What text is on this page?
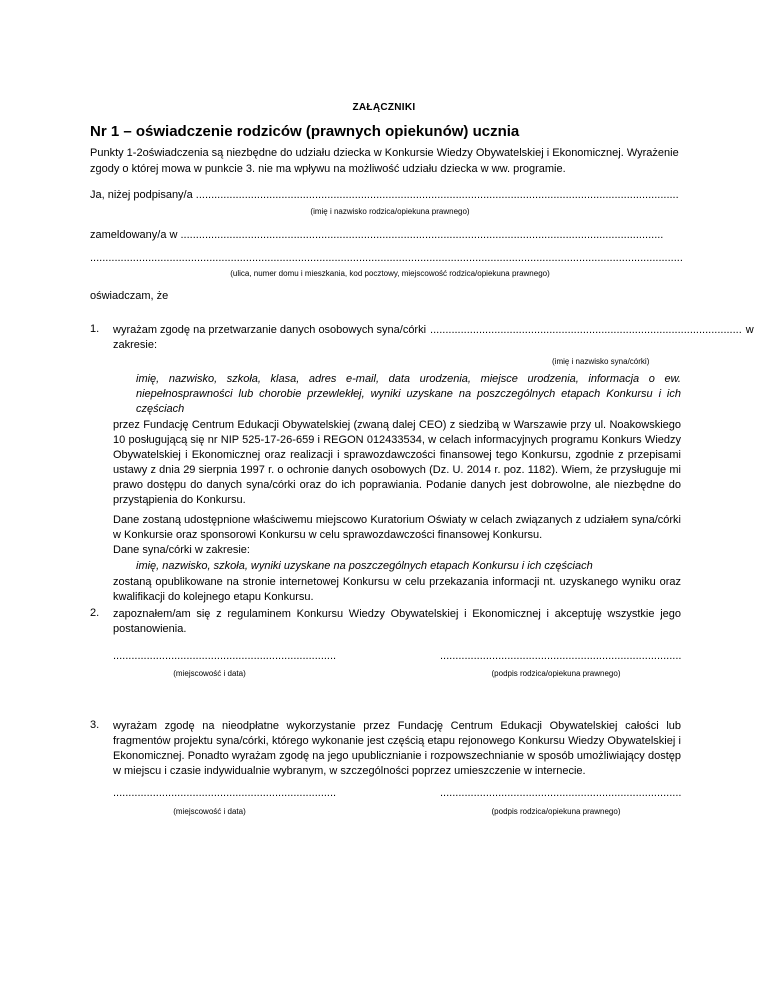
ZAŁĄCZNIKI
Nr 1 – oświadczenie rodziców (prawnych opiekunów) ucznia
Punkty 1-2oświadczenia są niezbędne do udziału dziecka w Konkursie Wiedzy Obywatelskiej i Ekonomicznej. Wyrażenie zgody o której mowa w punkcie 3. nie ma wpływu na możliwość udziału dziecka w ww. programie.
Ja, niżej podpisany/a ..............................................................................................................................................................
(imię i nazwisko rodzica/opiekuna prawnego)
zameldowany/a w ..............................................................................................................................................................
..................................................................................................................................................................................................
(ulica, numer domu i mieszkania, kod pocztowy, miejscowość rodzica/opiekuna prawnego)
oświadczam, że
1. wyrażam zgodę na przetwarzanie danych osobowych syna/córki ...................................................................................................... w
zakresie:
(imię i nazwisko syna/córki)
imię, nazwisko, szkoła, klasa, adres e-mail, data urodzenia, miejsce urodzenia, informacja o ew. niepełnosprawności lub chorobie przewlekłej, wyniki uzyskane na poszczególnych etapach Konkursu i ich częściach
przez Fundację Centrum Edukacji Obywatelskiej (zwaną dalej CEO) z siedzibą w Warszawie przy ul. Noakowskiego 10 posługującą się nr NIP 525-17-26-659 i REGON 012433534, w celach informacyjnych programu Konkurs Wiedzy Obywatelskiej i Ekonomicznej oraz realizacji i sprawozdawczości finansowej tego Konkursu, zgodnie z przepisami ustawy z dnia 29 sierpnia 1997 r. o ochronie danych osobowych (Dz. U. 2014 r. poz. 1182). Wiem, że przysługuje mi prawo dostępu do danych syna/córki oraz do ich poprawiania. Podanie danych jest dobrowolne, ale niezbędne do przystąpienia do Konkursu.
Dane zostaną udostępnione właściwemu miejscowo Kuratorium Oświaty w celach związanych z udziałem syna/córki w Konkursie oraz sponsorowi Konkursu w celu sprawozdawczości finansowej Konkursu.
Dane syna/córki w zakresie:
imię, nazwisko, szkoła, wyniki uzyskane na poszczególnych etapach Konkursu i ich częściach
zostaną opublikowane na stronie internetowej Konkursu w celu przekazania informacji nt. uzyskanego wyniku oraz kwalifikacji do kolejnego etapu Konkursu.
2. zapoznałem/am się z regulaminem Konkursu Wiedzy Obywatelskiej i Ekonomicznej i akceptuję wszystkie jego postanowienia.
.........................................................................
(miejscowość i data)
...............................................................................
(podpis rodzica/opiekuna prawnego)
3. wyrażam zgodę na nieodpłatne wykorzystanie przez Fundację Centrum Edukacji Obywatelskiej całości lub fragmentów projektu syna/córki, którego wykonanie jest częścią etapu rejonowego Konkursu Wiedzy Obywatelskiej i Ekonomicznej. Ponadto wyrażam zgodę na jego upublicznianie i rozpowszechnianie w sposób umożliwiający dostęp w miejscu i czasie indywidualnie wybranym, w szczególności poprzez umieszczenie w internecie.
.........................................................................
(miejscowość i data)
...............................................................................
(podpis rodzica/opiekuna prawnego)
